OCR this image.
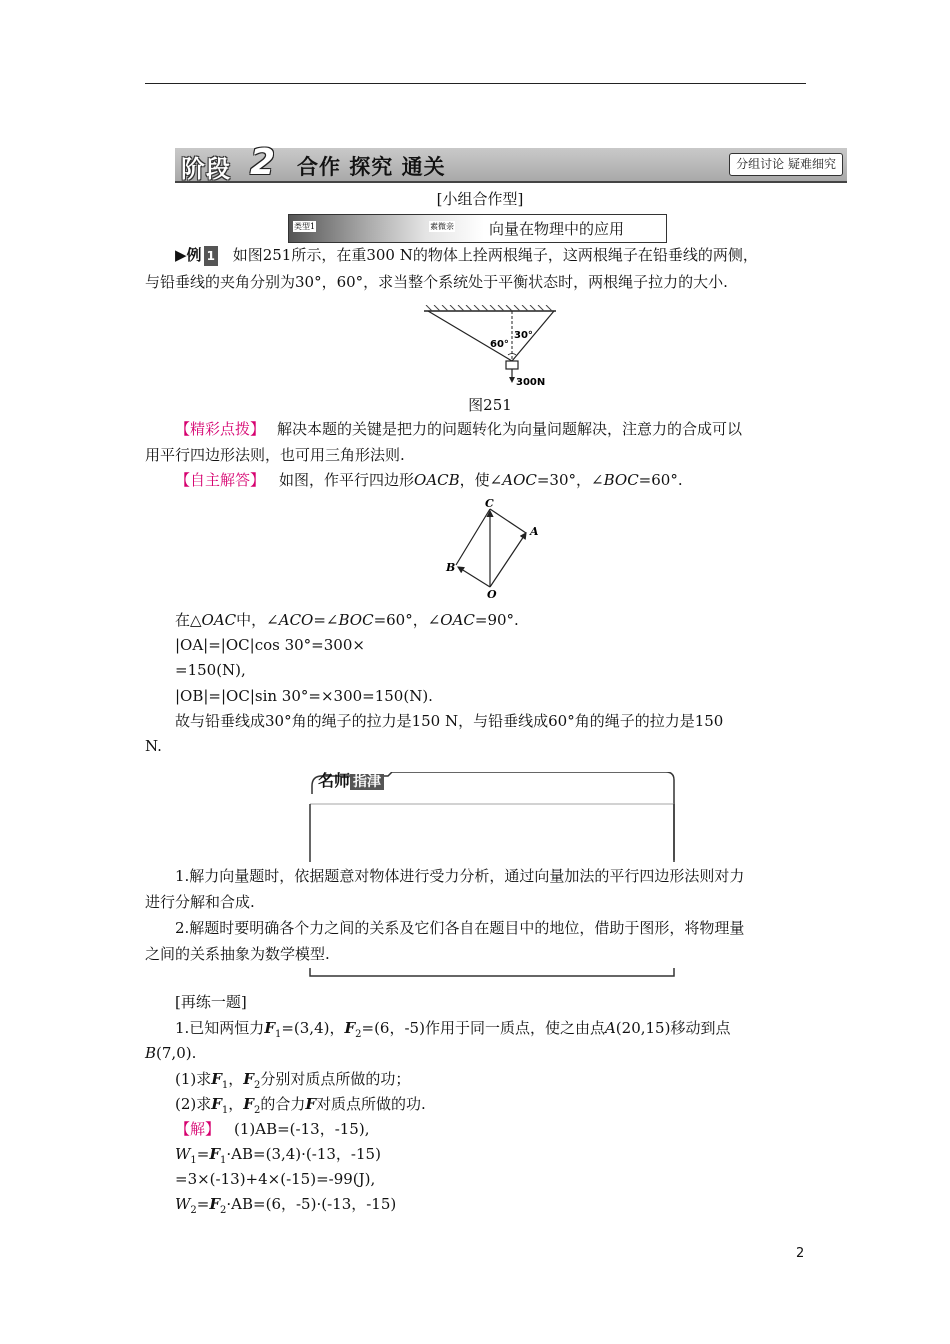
阶段 2 合作 探究 通关	分组讨论 疑难细究
[小组合作型]
类型1	素微亲 向量在物理中的应用
▶例 1 如图251所示，在重300 N的物体上拴两根绳子，这两根绳子在铅垂线的两侧，
与铅垂线的夹角分别为30°，60°，求当整个系统处于平衡状态时，两根绳子拉力的大小.
30°
60°
300N
图251
【精彩点拨】 解决本题的关键是把力的问题转化为向量问题解决，注意力的合成可以
用平行四边形法则，也可用三角形法则.
【自主解答】 如图，作平行四边形OACB，使∠AOC=30°，∠BOC=60°.
C
A
B
O
在△OAC中，∠ACO=∠BOC=60°，∠OAC=90°.
|OA|=|OC|cos 30°=300×
=150(N),
|OB|=|OC|sin 30°=×300=150(N).
故与铅垂线成30°角的绳子的拉力是150 N，与铅垂线成60°角的绳子的拉力是150
N.
名师 指津
1.解力向量题时，依据题意对物体进行受力分析，通过向量加法的平行四边形法则对力
进行分解和合成.
2.解题时要明确各个力之间的关系及它们各自在题目中的地位，借助于图形，将物理量
之间的关系抽象为数学模型.
[再练一题]
1.已知两恒力$F_1=(3,4)$，$F_2=(6$，-5)作用于同一质点，使之由点A(20,15)移动到点
B(7,0).
(1)求$F_1$，$F_2$分别对质点所做的功；
(2)求$F_1$，$F_2$的合力F对质点所做的功.
【解】 (1)AB=(-13，-15),
$W_1=F_1\cdot AB=(3,4)\cdot(-13$，-15)
=3×(-13)+4×(-15)=-99(J),
$W_2=F_2\cdot AB=(6$，-5)·(-13，-15)
2
